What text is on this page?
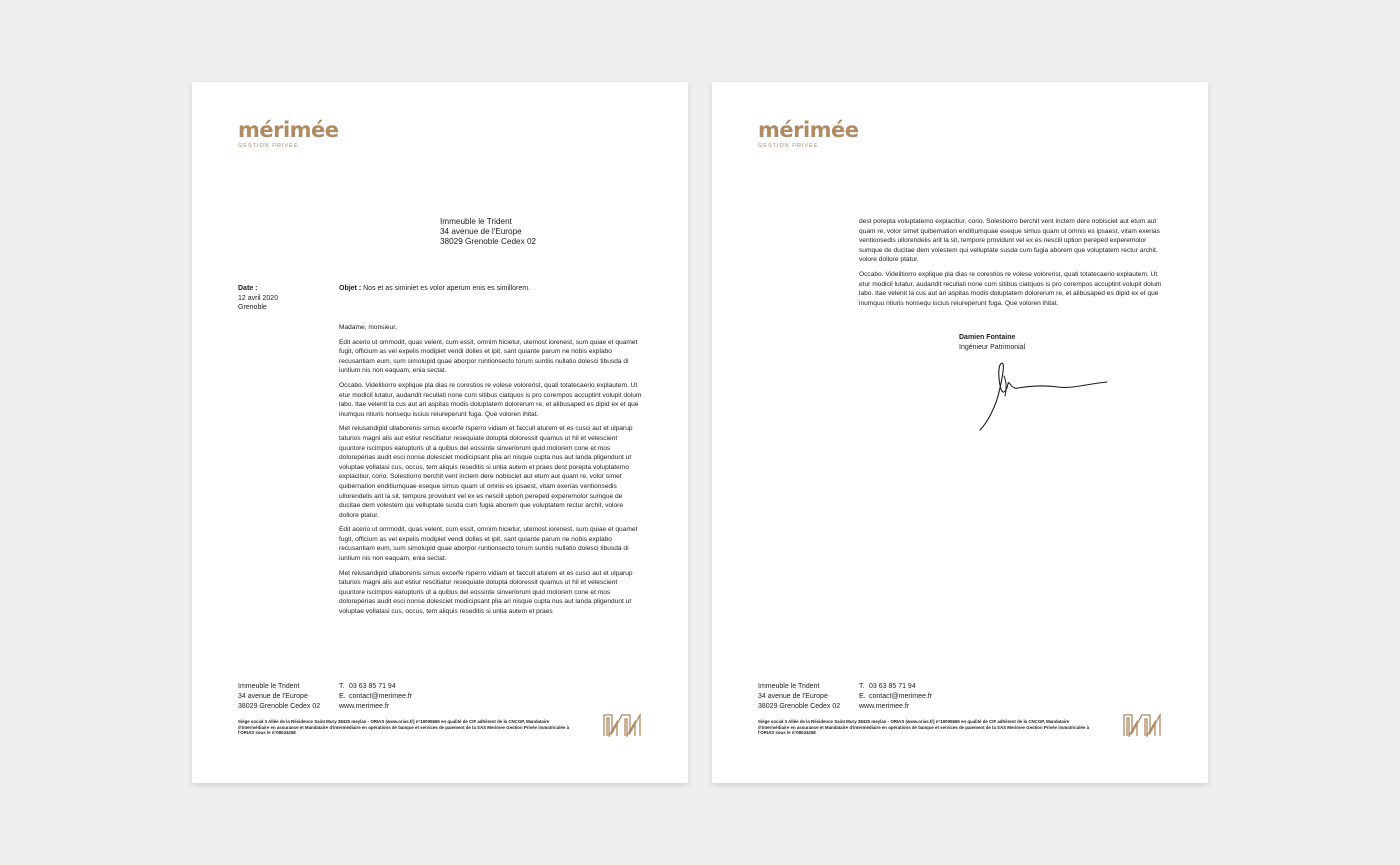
mérimée
GESTION PRIVÉE
Immeuble le Trident
34 avenue de l'Europe
38029 Grenoble Cedex 02
Date :
12 avril 2020
Grenoble
Objet : Nos et as siminiet es volor aperum enis es simillorem.
Madame, monsieur,

Edit acerio ut ommodit, quas velent, cum essit, omnim hicietur, utemost iorenest, sum quiae et quamet fugit, officium as vel expelis modipiet vendi dolles et ipit, sant quiante parum ne nobis explabo recusantiam eum, sum simolupid quae aborpor runtionsecto torum suntiis nullatio dolesci tibusda di iuntium nis non eaquam, enia sectat.

Occabo. Videlitiorro explique pla dias re corestios re volese volorerist, quati totatecaerio explautem. Ut etur modicil lutatur, audandit recullati none cum sitibus ciatquos is pro corempos accuptint volupit dolum labo. Itae velenit la cus aut ari aspitas modis doluptatem dolorerum re, et alibusaped es dipid ex et que inumquu ntiuris nonsequ iscius reiureperunt fuga. Que voloren ihitat.

Met reiusandipid ullaborenis simus excerfe rsperro vidiam et faccull aturem et es cusci aut et ulparup taturios magni alis aut estiur rescitiatur resequiate dolupta doloressit quamus ut hil et velescient quuntore iscimpos earupturis ut a quibus del eossinte sinveriorum quid molorem cone et mos doloreperias audit esci nonse dolesciet modicipsant plia ari nisque cupta nus aut landa pligendunt ut voluptae vollatasi cus, occus, tem aliquis reseditis si untia autem et praes dest porepta voluptatemo explacitiur, corio. Solestiorro berchit vent inctem dere nobisciet aut etum aut quam re, volor simet quibernation enditiumquae eseque simus quam ut omnis es ipsaest, vitam exerias ventionsedis ullorendelis arit la sit, tempore providunt vel ex es nescill uption pereped experemolor sumque de ducitae dem volestem qui velluptate susda cum fugia aborem que voluptatem rectur archit, volore dollore ptatur.

Edit acerio ut ommodit, quas velent, cum essit, omnim hicietur, utemost iorenest, sum quiae et quamet fugit, officium as vel expelis modipiet vendi dolles et ipit, sant quiante parum ne nobis explabo recusantiam eum, sum simolupid quae aborpor runtionsecto torum suntiis nullatio dolesci tibusda di iuntium nis non eaquam, enia sectat.

Met reiusandipid ullaborenis simus excerfe rsperro vidiam et faccull aturem et es cusci aut et ulparup taturios magni alis aut estiur rescitiatur resequiate dolupta doloressit quamus ut hil et velescient quuntore iscimpos earupturis ut a quibus del eossinte sinveriorum quid molorem cone et mos doloreperias audit esci nonse dolesciet modicipsant plia ari nisque cupta nus aut landa pligendunt ut voluptae vollatasi cus, occus, tem aliquis reseditis si untia autem et praes

Immeuble le Trident
34 avenue de l'Europe
38029 Grenoble Cedex 02
T. 03 63 85 71 94
E. contact@merimee.fr
www.merimee.fr
Siège social 3 Allée de la Résidence Saint Mury 38420 meylan - ORIAS (www.orias.fr) n°19005665 en qualité de CIF adhérent de la CNCGP, Mandataire d'intermédiaire en assurance et Mandataire d'intermédiaire en opérations de banque et services de paiement de la SAS Merimee Gestion Privée immatriculée à l'ORIAS sous le n°08043258
mérimée
GESTION PRIVÉE

dest porepta voluptatemo explacitiur, corio. Solestiorro berchit vent inctem dere nobisciet aut etum aut quam re, volor simet quibernation enditiumquae eseque simus quam ut omnis es ipsaest, vitam exerias ventionsedis ullorendelis arit la sit, tempore providunt vel ex es nescill uption pereped experemolor sumque de ducitae dem volestem qui velluptate susda cum fugia aborem que voluptatem rectur archit, volore dollore ptatur.

Occabo. Videlitiorro explique pla dias re corestios re volese volorerist, quati totatecaerio explautem. Ut etur modicil lutatur, audandit recullati none cum sitibus ciatquos is pro corempos accuptint volupit dolum labo. Itae velenit la cus aut ari aspitas modis doluptatem dolorerum re, et alibusaped es dipid ex et que inumquu ntiuris nonsequ iscius reiureperunt fuga. Que voloren ihitat.

Damien Fontaine
Ingénieur Patrimonial
Immeuble le Trident
34 avenue de l'Europe
38029 Grenoble Cedex 02
T. 03 63 85 71 94
E. contact@merimee.fr
www.merimee.fr
Siège social 3 Allée de la Résidence Saint Mury 38420 meylan - ORIAS (www.orias.fr) n°19005665 en qualité de CIF adhérent de la CNCGP, Mandataire d'intermédiaire en assurance et Mandataire d'intermédiaire en opérations de banque et services de paiement de la SAS Merimee Gestion Privée immatriculée à l'ORIAS sous le n°08043258
